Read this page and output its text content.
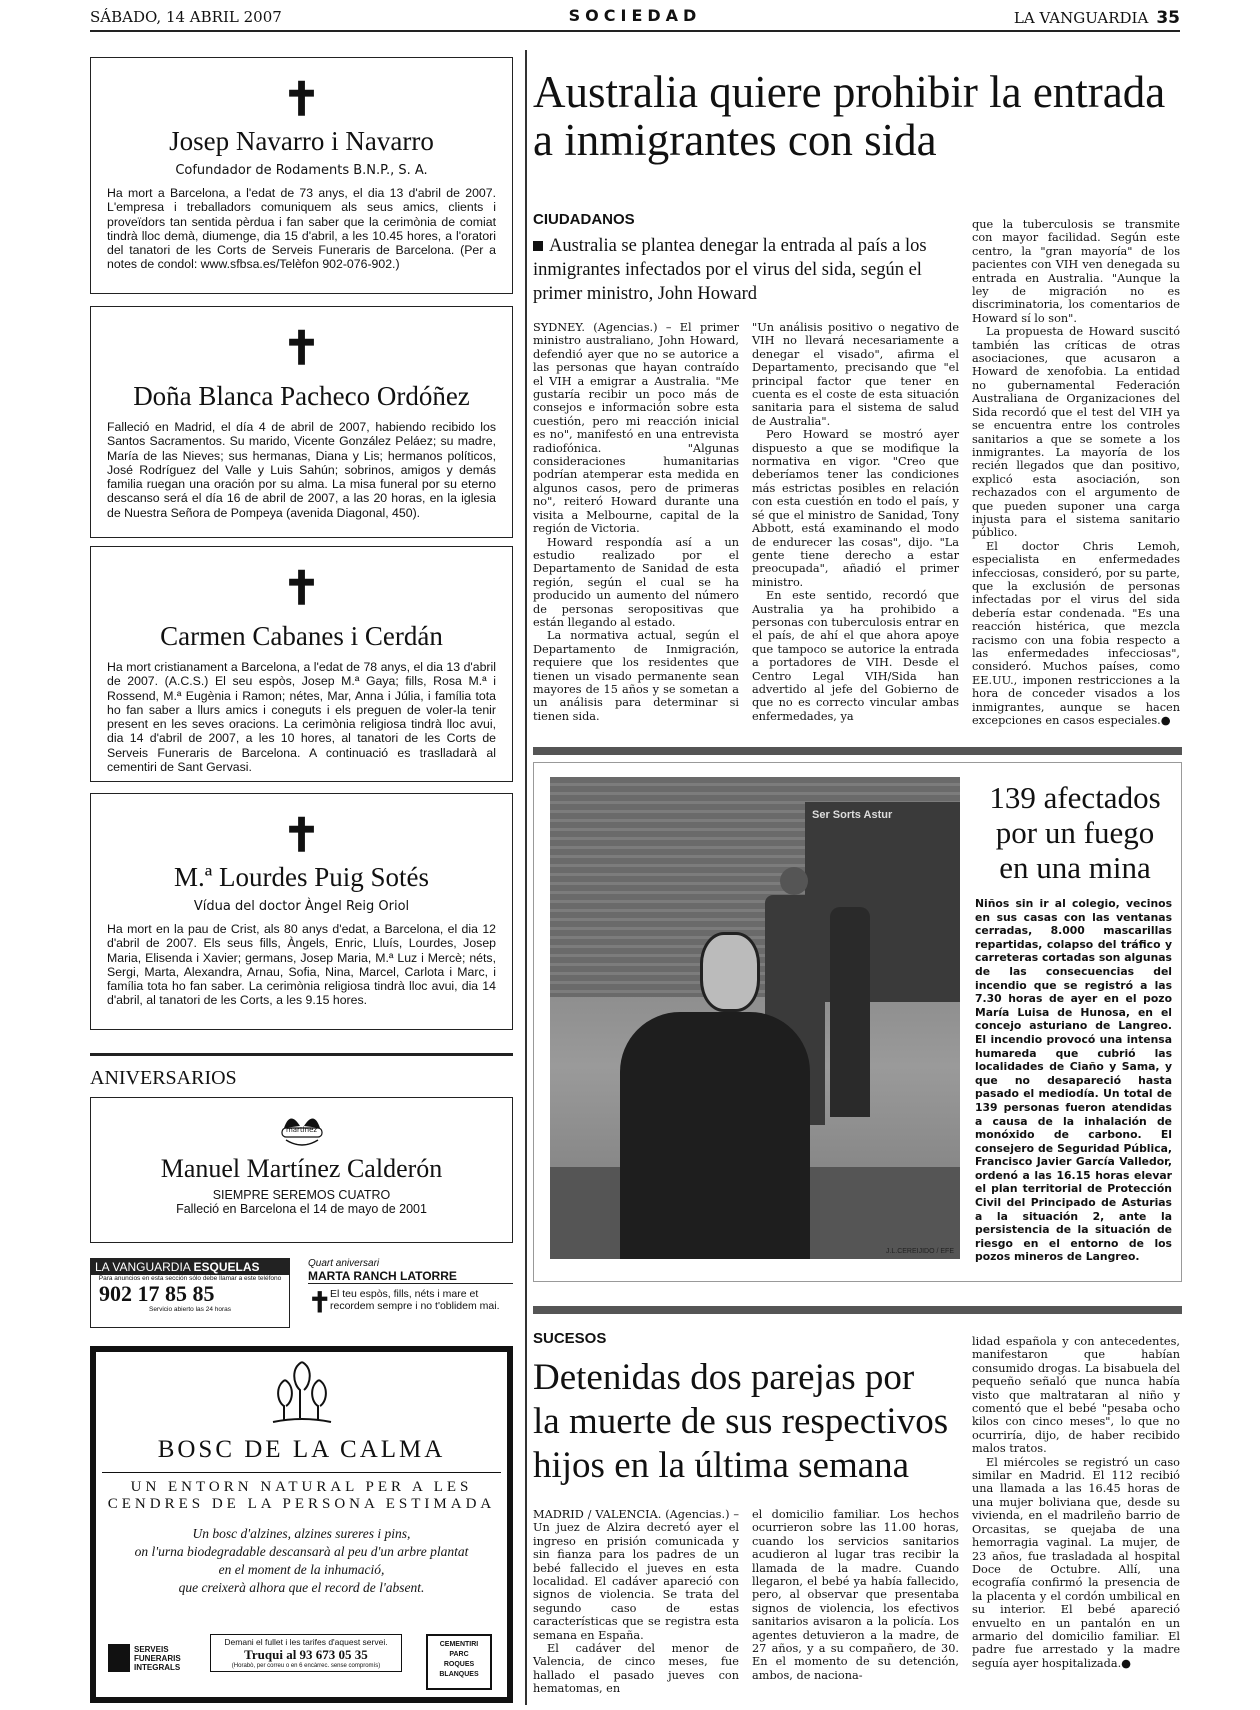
SÁBADO, 14 ABRIL 2007	SOCIEDAD	LA VANGUARDIA 35
✝
Josep Navarro i Navarro
Cofundador de Rodaments B.N.P., S. A.
Ha mort a Barcelona, a l'edat de 73 anys, el dia 13 d'abril de 2007. L'empresa i treballadors comuniquem als seus amics, clients i proveïdors tan sentida pèrdua i fan saber que la cerimònia de comiat tindrà lloc demà, diumenge, dia 15 d'abril, a les 10.45 hores, a l'oratori del tanatori de les Corts de Serveis Funeraris de Barcelona. (Per a notes de condol: www.sfbsa.es/Telèfon 902-076-902.)
✝
Doña Blanca Pacheco Ordóñez
Falleció en Madrid, el día 4 de abril de 2007, habiendo recibido los Santos Sacramentos. Su marido, Vicente González Peláez; su madre, María de las Nieves; sus hermanas, Diana y Lis; hermanos políticos, José Rodríguez del Valle y Luis Sahún; sobrinos, amigos y demás familia ruegan una oración por su alma. La misa funeral por su eterno descanso será el día 16 de abril de 2007, a las 20 horas, en la iglesia de Nuestra Señora de Pompeya (avenida Diagonal, 450).
✝
Carmen Cabanes i Cerdán
Ha mort cristianament a Barcelona, a l'edat de 78 anys, el dia 13 d'abril de 2007. (A.C.S.) El seu espòs, Josep M.ª Gaya; fills, Rosa M.ª i Rossend, M.ª Eugènia i Ramon; nétes, Mar, Anna i Júlia, i família tota ho fan saber a llurs amics i coneguts i els preguen de voler-la tenir present en les seves oracions. La cerimònia religiosa tindrà lloc avui, dia 14 d'abril de 2007, a les 10 hores, al tanatori de les Corts de Serveis Funeraris de Barcelona. A continuació es traslladarà al cementiri de Sant Gervasi.
✝
M.ª Lourdes Puig Sotés
Vídua del doctor Àngel Reig Oriol
Ha mort en la pau de Crist, als 80 anys d'edat, a Barcelona, el dia 12 d'abril de 2007. Els seus fills, Àngels, Enric, Lluís, Lourdes, Josep Maria, Elisenda i Xavier; germans, Josep Maria, M.ª Luz i Mercè; néts, Sergi, Marta, Alexandra, Arnau, Sofia, Nina, Marcel, Carlota i Marc, i família tota ho fan saber. La cerimònia religiosa tindrà lloc avui, dia 14 d'abril, al tanatori de les Corts, a les 9.15 hores.
ANIVERSARIOS
martinez
Manuel Martínez Calderón
SIEMPRE SEREMOS CUATRO
Falleció en Barcelona el 14 de mayo de 2001
LA VANGUARDIA ESQUELAS
Para anuncios en esta sección sólo debe llamar a este teléfono
902 17 85 85
Servicio abierto las 24 horas
Quart aniversari
MARTA RANCH LATORRE
✝
El teu espòs, fills, néts i mare et recordem sempre i no t'oblidem mai.
BOSC DE LA CALMA
UN ENTORN NATURAL PER A LES
CENDRES DE LA PERSONA ESTIMADA
Un bosc d'alzines, alzines sureres i pins,
on l'urna biodegradable descansarà al peu d'un arbre plantat
en el moment de la inhumació,
que creixerà alhora que el record de l'absent.
SERVEIS
FUNERARIS
INTEGRALS
Demani el fullet i les tarifes d'aquest servei.
Truqui al 93 673 05 35
(Horabò, per correu o en 6 encàrrec. sense compromís)
CEMENTIRI
PARC
ROQUES
BLANQUES
Australia quiere prohibir la entrada a inmigrantes con sida
CIUDADANOS
Australia se plantea denegar la entrada al país a los inmigrantes infectados por el virus del sida, según el primer ministro, John Howard

SYDNEY. (Agencias.) – El primer ministro australiano, John Howard, defendió ayer que no se autorice a las personas que hayan contraído el VIH a emigrar a Australia. "Me gustaría recibir un poco más de consejos e información sobre esta cuestión, pero mi reacción inicial es no", manifestó en una entrevista radiofónica. "Algunas consideraciones humanitarias podrían atemperar esta medida en algunos casos, pero de primeras no", reiteró Howard durante una visita a Melbourne, capital de la región de Victoria.

Howard respondía así a un estudio realizado por el Departamento de Sanidad de esta región, según el cual se ha producido un aumento del número de personas seropositivas que están llegando al estado.

La normativa actual, según el Departamento de Inmigración, requiere que los residentes que tienen un visado permanente sean mayores de 15 años y se sometan a un análisis para determinar si tienen sida.

"Un análisis positivo o negativo de VIH no llevará necesariamente a denegar el visado", afirma el Departamento, precisando que "el principal factor que tener en cuenta es el coste de esta situación sanitaria para el sistema de salud de Australia".

Pero Howard se mostró ayer dispuesto a que se modifique la normativa en vigor. "Creo que deberíamos tener las condiciones más estrictas posibles en relación con esta cuestión en todo el país, y sé que el ministro de Sanidad, Tony Abbott, está examinando el modo de endurecer las cosas", dijo. "La gente tiene derecho a estar preocupada", añadió el primer ministro.

En este sentido, recordó que Australia ya ha prohibido a personas con tuberculosis entrar en el país, de ahí el que ahora apoye que tampoco se autorice la entrada a portadores de VIH. Desde el Centro Legal VIH/Sida han advertido al jefe del Gobierno de que no es correcto vincular ambas enfermedades, ya

que la tuberculosis se transmite con mayor facilidad. Según este centro, la "gran mayoría" de los pacientes con VIH ven denegada su entrada en Australia. "Aunque la ley de migración no es discriminatoria, los comentarios de Howard sí lo son".

La propuesta de Howard suscitó también las críticas de otras asociaciones, que acusaron a Howard de xenofobia. La entidad no gubernamental Federación Australiana de Organizaciones del Sida recordó que el test del VIH ya se encuentra entre los controles sanitarios a que se somete a los inmigrantes. La mayoría de los recién llegados que dan positivo, explicó esta asociación, son rechazados con el argumento de que pueden suponer una carga injusta para el sistema sanitario público.

El doctor Chris Lemoh, especialista en enfermedades infecciosas, consideró, por su parte, que la exclusión de personas infectadas por el virus del sida debería estar condenada. "Es una reacción histérica, que mezcla racismo con una fobia respecto a las enfermedades infecciosas", consideró. Muchos países, como EE.UU., imponen restricciones a la hora de conceder visados a los inmigrantes, aunque se hacen excepciones en casos especiales.●

Ser Sorts Astur
J.L.CEREIJIDO / EFE
139 afectados
por un fuego
en una mina
Niños sin ir al colegio, vecinos en sus casas con las ventanas cerradas, 8.000 mascarillas repartidas, colapso del tráfico y carreteras cortadas son algunas de las consecuencias del incendio que se registró a las 7.30 horas de ayer en el pozo María Luisa de Hunosa, en el concejo asturiano de Langreo. El incendio provocó una intensa humareda que cubrió las localidades de Ciaño y Sama, y que no desapareció hasta pasado el mediodía. Un total de 139 personas fueron atendidas a causa de la inhalación de monóxido de carbono. El consejero de Seguridad Pública, Francisco Javier García Valledor, ordenó a las 16.15 horas elevar el plan territorial de Protección Civil del Principado de Asturias a la situación 2, ante la persistencia de la situación de riesgo en el entorno de los pozos mineros de Langreo.
SUCESOS
Detenidas dos parejas por
la muerte de sus respectivos
hijos en la última semana

MADRID / VALENCIA. (Agencias.) – Un juez de Alzira decretó ayer el ingreso en prisión comunicada y sin fianza para los padres de un bebé fallecido el jueves en esta localidad. El cadáver apareció con signos de violencia. Se trata del segundo caso de estas características que se registra esta semana en España.

El cadáver del menor de Valencia, de cinco meses, fue hallado el pasado jueves con hematomas, en

el domicilio familiar. Los hechos ocurrieron sobre las 11.00 horas, cuando los servicios sanitarios acudieron al lugar tras recibir la llamada de la madre. Cuando llegaron, el bebé ya había fallecido, pero, al observar que presentaba signos de violencia, los efectivos sanitarios avisaron a la policía. Los agentes detuvieron a la madre, de 27 años, y a su compañero, de 30. En el momento de su detención, ambos, de naciona-

lidad española y con antecedentes, manifestaron que habían consumido drogas. La bisabuela del pequeño señaló que nunca había visto que maltrataran al niño y comentó que el bebé "pesaba ocho kilos con cinco meses", lo que no ocurriría, dijo, de haber recibido malos tratos.

El miércoles se registró un caso similar en Madrid. El 112 recibió una llamada a las 16.45 horas de una mujer boliviana que, desde su vivienda, en el madrileño barrio de Orcasitas, se quejaba de una hemorragia vaginal. La mujer, de 23 años, fue trasladada al hospital Doce de Octubre. Allí, una ecografía confirmó la presencia de la placenta y el cordón umbilical en su interior. El bebé apareció envuelto en un pantalón en un armario del domicilio familiar. El padre fue arrestado y la madre seguía ayer hospitalizada.●
